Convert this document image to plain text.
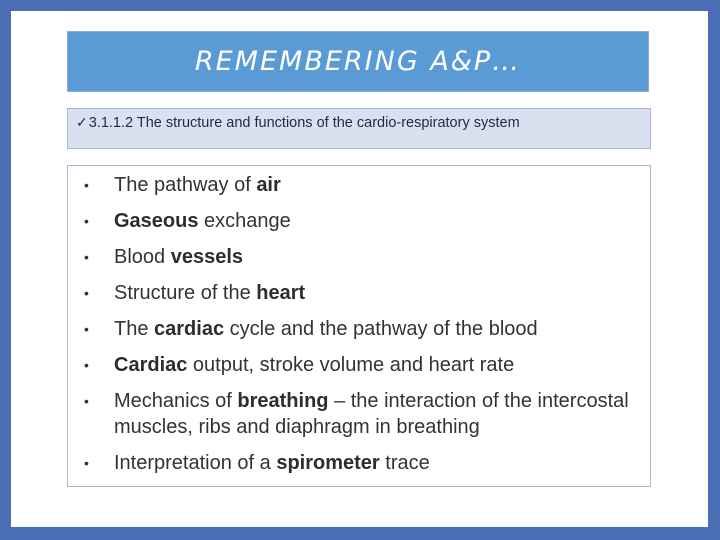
REMEMBERING A&P…
✓3.1.1.2 The structure and functions of the cardio-respiratory system
• The pathway of air
• Gaseous exchange
• Blood vessels
• Structure of the heart
• The cardiac cycle and the pathway of the blood
• Cardiac output, stroke volume and heart rate
• Mechanics of breathing – the interaction of the intercostal muscles, ribs and diaphragm in breathing
• Interpretation of a spirometer trace
